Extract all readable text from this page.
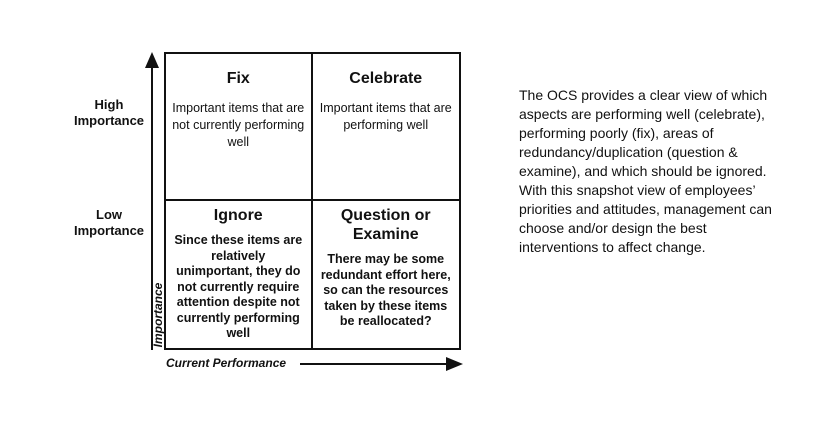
High Importance
Low Importance
Importance
Current Performance
Fix
Important items that are not currently performing well
Celebrate
Important items that are performing well
Ignore
Since these items are relatively unimportant, they do not currently require attention despite not currently performing well
Question or Examine
There may be some redundant effort here, so can the resources taken by these items be reallocated?
The OCS provides a clear view of which aspects are performing well (celebrate), performing poorly (fix), areas of redundancy/duplication (question & examine), and which should be ignored. With this snapshot view of employees’ priorities and attitudes, management can choose and/or design the best interventions to affect change.
